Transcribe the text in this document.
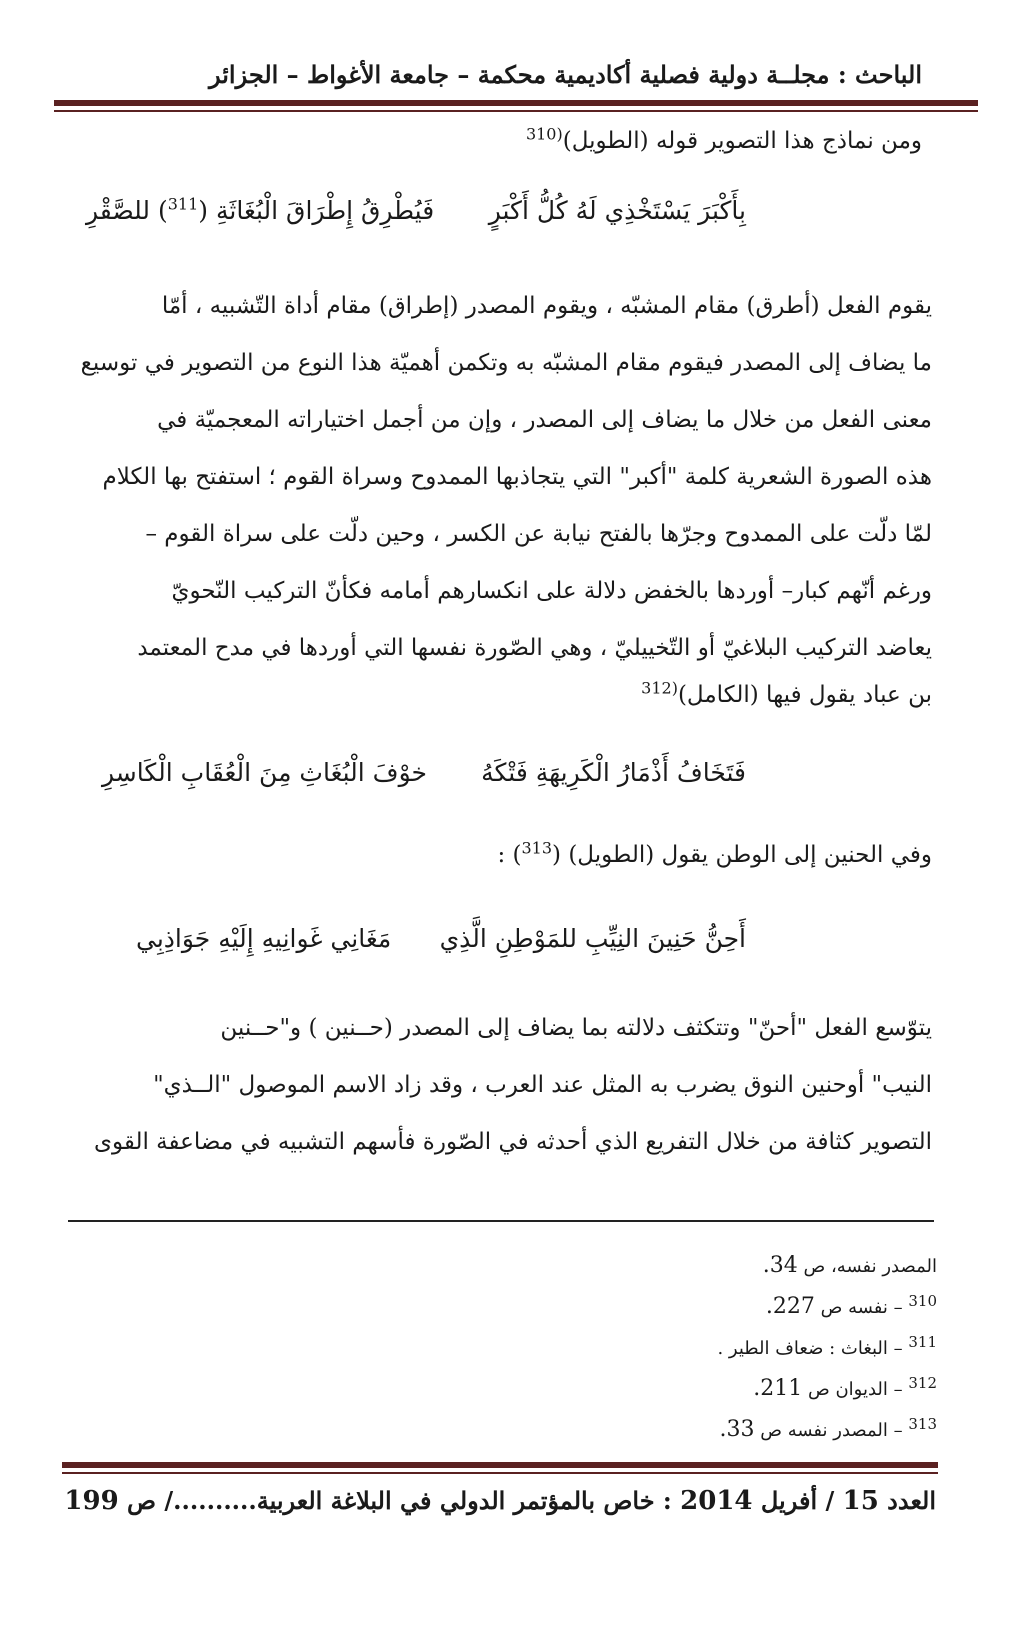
الباحث : مجلــة دولية فصلية أكاديمية محكمة – جامعة الأغواط – الجزائر
ومن نماذج هذا التصوير قوله (الطويل)$^{(310}$
بِأَكْبَرَ يَسْتَخْذِي لَهُ كُلُّ أَكْبَرٍ
فَيُطْرِقُ إِطْرَاقَ الْبُغَاثَةِ ($^{311}$) للصَّقْرِ
يقوم الفعل (أطرق) مقام المشبّه ، ويقوم المصدر (إطراق) مقام أداة التّشبيه ، أمّا
ما يضاف إلى المصدر فيقوم مقام المشبّه به وتكمن أهميّة هذا النوع من التصوير في توسيع
معنى الفعل من خلال ما يضاف إلى المصدر ، وإن من أجمل اختياراته المعجميّة في
هذه الصورة الشعرية كلمة "أكبر" التي يتجاذبها الممدوح وسراة القوم ؛ استفتح بها الكلام
لمّا دلّت على الممدوح وجرّها بالفتح نيابة عن الكسر ، وحين دلّت على سراة القوم –
ورغم أنّهم كبار– أوردها بالخفض دلالة على انكسارهم أمامه فكأنّ التركيب النّحويّ
يعاضد التركيب البلاغيّ أو التّخييليّ ، وهي الصّورة نفسها التي أوردها في مدح المعتمد
بن عباد يقول فيها (الكامل)$^{(312}$
فَتَخَافُ أَذْمَارُ الْكَرِيهَةِ فَتْكَهُ
خوْفَ الْبُغَاثِ مِنَ الْعُقَابِ الْكَاسِرِ
وفي الحنين إلى الوطن يقول (الطويل) ($^{313}$) :
أَحِنُّ حَنِينَ النِيِّبِ للمَوْطِنِ الَّذِي
مَغَانِي غَوانِيهِ إِلَيْهِ جَوَاذِبِي
يتوّسع الفعل "أحنّ" وتتكثف دلالته بما يضاف إلى المصدر (حــنين ) و"حــنين
النيب" أوحنين النوق يضرب به المثل عند العرب ، وقد زاد الاسم الموصول "الــذي"
التصوير كثافة من خلال التفريع الذي أحدثه في الصّورة فأسهم التشبيه في مضاعفة القوى
المصدر نفسه، ص 34.
$^{310}$ – نفسه ص 227.
$^{311}$ – البغاث : ضعاف الطير .
$^{312}$ – الديوان ص 211.
$^{313}$ – المصدر نفسه ص 33.
العدد 15 / أفريل 2014 : خاص بالمؤتمر الدولي في البلاغة العربية........../ ص 199
